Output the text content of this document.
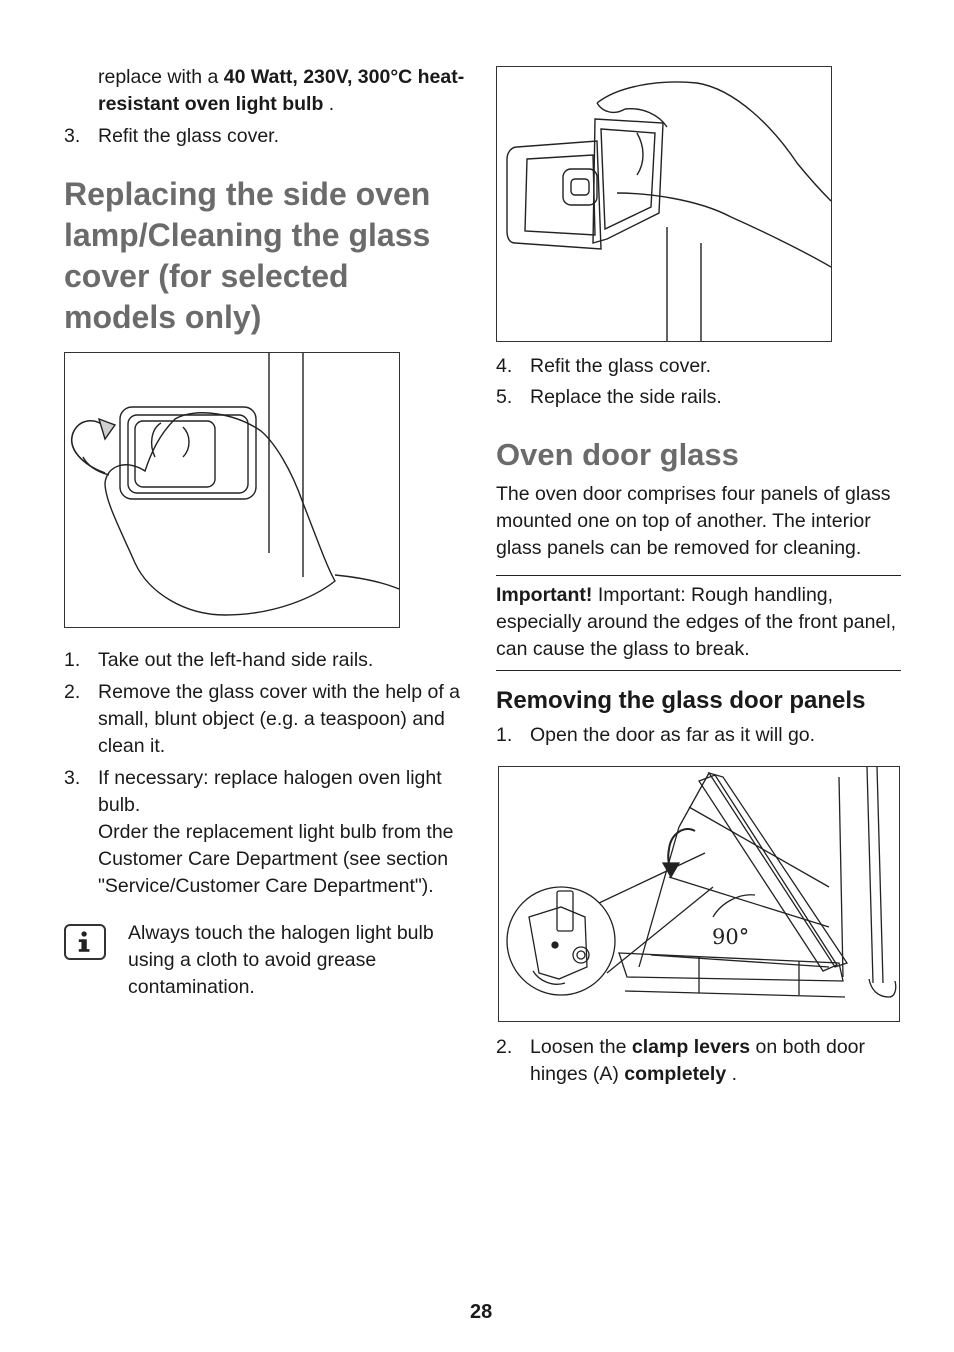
replace with a 40 Watt, 230V, 300°C heat-resistant oven light bulb .
3. Refit the glass cover.
Replacing the side oven lamp/Cleaning the glass cover (for selected models only)
1. Take out the left-hand side rails.
2. Remove the glass cover with the help of a small, blunt object (e.g. a teaspoon) and clean it.
3. If necessary: replace halogen oven light bulb.
Order the replacement light bulb from the Customer Care Department (see section "Service/Customer Care Department").
Always touch the halogen light bulb using a cloth to avoid grease contamination.
4. Refit the glass cover.
5. Replace the side rails.
Oven door glass
The oven door comprises four panels of glass mounted one on top of another. The interior glass panels can be removed for cleaning.
Important! Important: Rough handling, especially around the edges of the front panel, can cause the glass to break.
Removing the glass door panels
1. Open the door as far as it will go.
90°
2. Loosen the clamp levers on both door hinges (A) completely .
28
